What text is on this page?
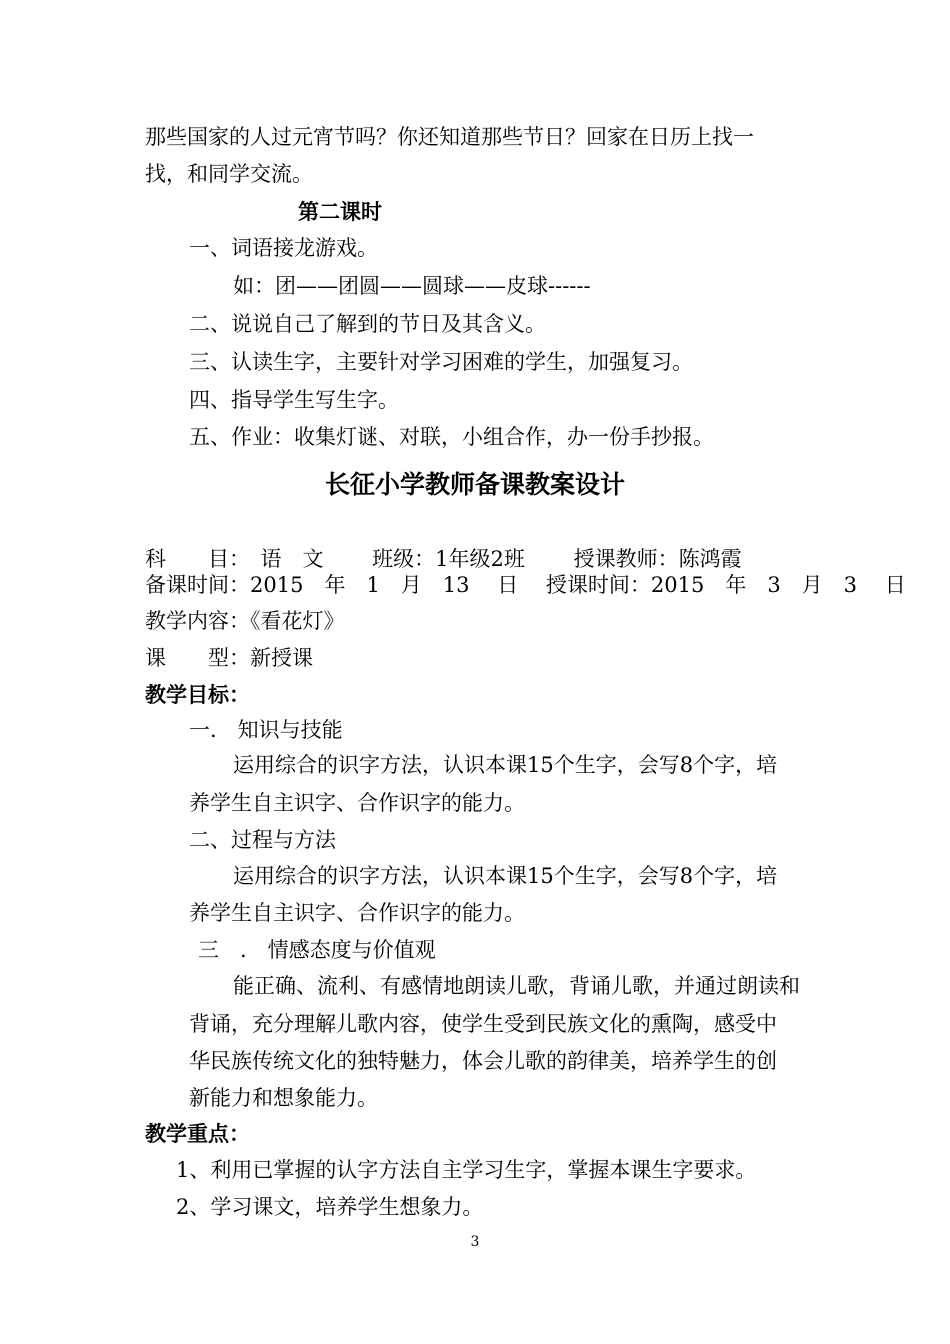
那些国家的人过元宵节吗？你还知道那些节日？回家在日历上找一
找，和同学交流。
第二课时
一、词语接龙游戏。
如：团——团圆——圆球——皮球------
二、说说自己了解到的节日及其含义。
三、认读生字，主要针对学习困难的学生，加强复习。
四、指导学生写生字。
五、作业：收集灯谜、对联，小组合作，办一份手抄报。
长征小学教师备课教案设计
科　　目：　语　文　　 班级：1年级2班　　 授课教师：陈鸿霞
备课时间：2015　年　1　月　13　 日　 授课时间：2015　年　3　月　3　 日
教学内容：《看花灯》
课　　型：新授课
教学目标：
一.　知识与技能
运用综合的识字方法，认识本课15个生字，会写8个字，培
养学生自主识字、合作识字的能力。
二、过程与方法
运用综合的识字方法，认识本课15个生字，会写8个字，培
养学生自主识字、合作识字的能力。
三　.　情感态度与价值观
能正确、流利、有感情地朗读儿歌，背诵儿歌，并通过朗读和
背诵，充分理解儿歌内容，使学生受到民族文化的熏陶，感受中
华民族传统文化的独特魅力，体会儿歌的韵律美，培养学生的创
新能力和想象能力。
教学重点：
1、利用已掌握的认字方法自主学习生字，掌握本课生字要求。
2、学习课文，培养学生想象力。
3
